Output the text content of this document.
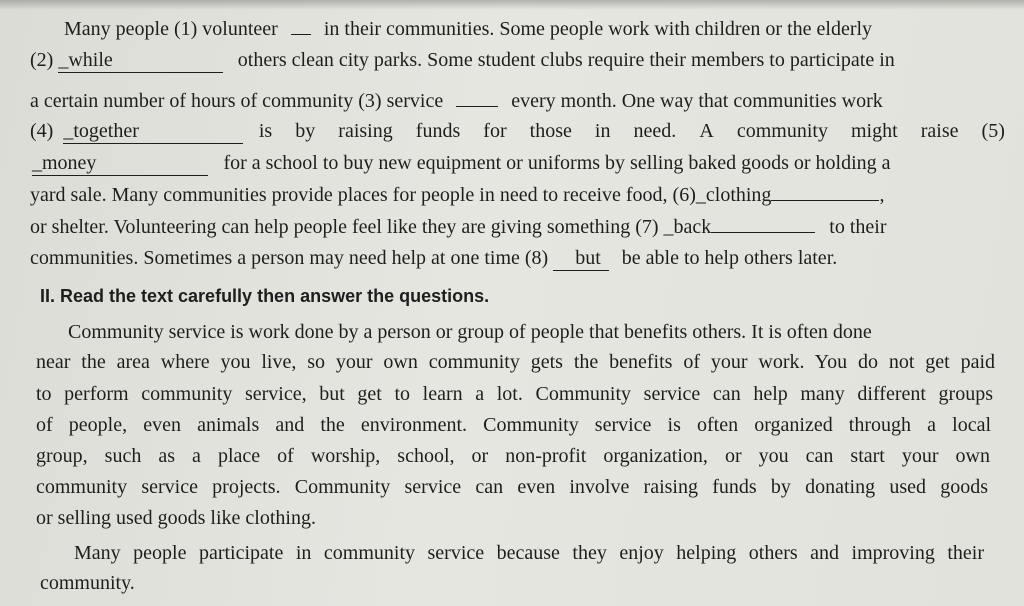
Many people (1) volunteer in their communities. Some people work with children or the elderly
(2) _while	others clean city parks. Some student clubs require their members to participate in
a certain number of hours of community (3) service	every month. One way that communities work
(4) _together	is by raising funds for those in need. A community might raise (5)
_money	for a school to buy new equipment or uniforms by selling baked goods or holding a
yard sale. Many communities provide places for people in need to receive food, (6)_clothing	,
or shelter. Volunteering can help people feel like they are giving something (7) _back	to their
communities. Sometimes a person may need help at one time (8) but be able to help others later.
II. Read the text carefully then answer the questions.
Community service is work done by a person or group of people that benefits others. It is often done
near the area where you live, so your own community gets the benefits of your work. You do not get paid
to perform community service, but get to learn a lot. Community service can help many different groups
of people, even animals and the environment. Community service is often organized through a local
group, such as a place of worship, school, or non-profit organization, or you can start your own
community service projects. Community service can even involve raising funds by donating used goods
or selling used goods like clothing.
Many people participate in community service because they enjoy helping others and improving their
community.
